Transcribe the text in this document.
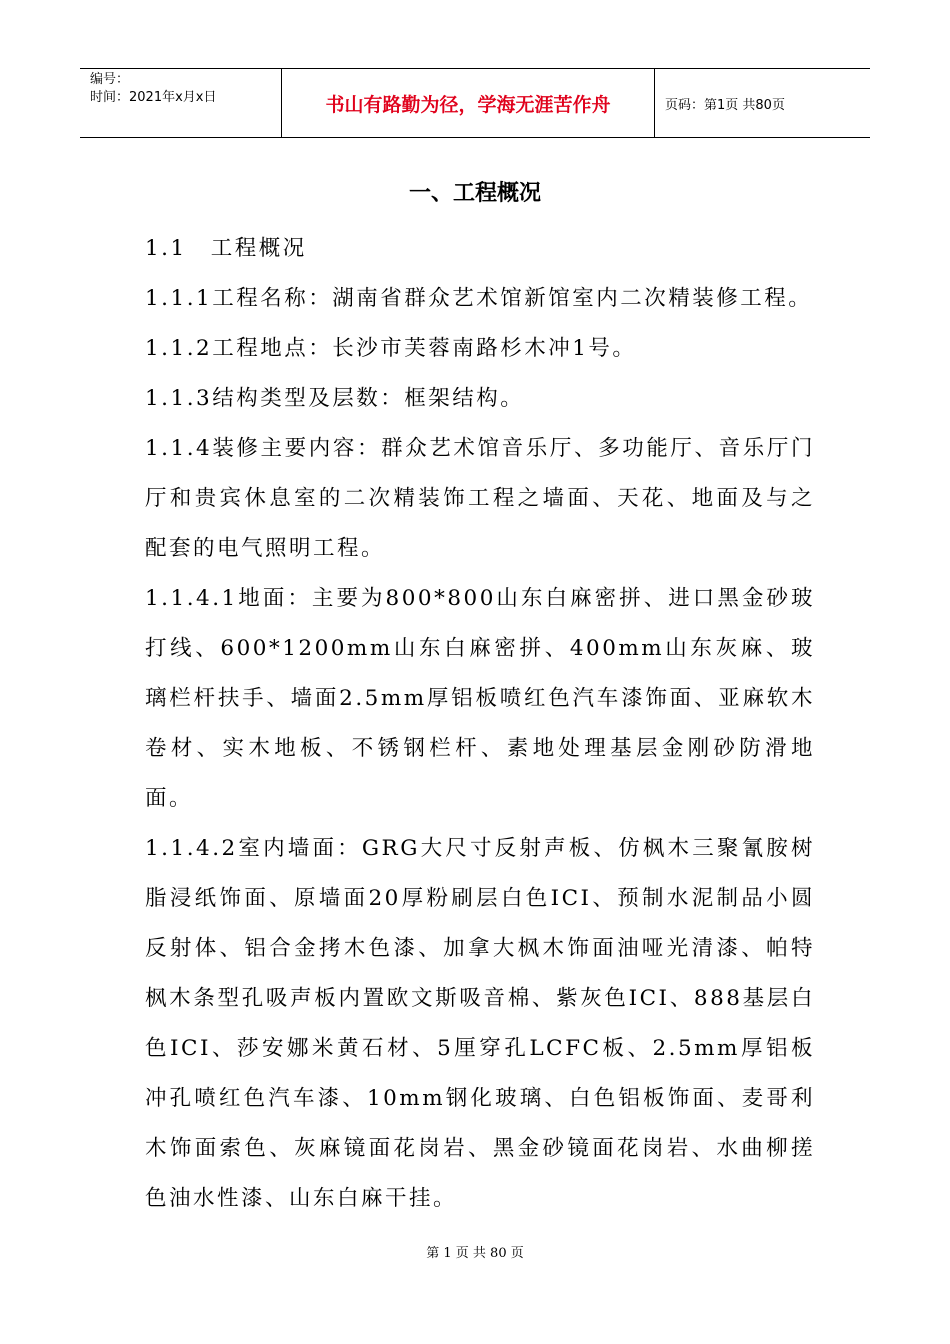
编号：
时间：2021年x月x日	书山有路勤为径，学海无涯苦作舟	页码：第1页 共80页
一、工程概况

1.1　工程概况

1.1.1工程名称：湖南省群众艺术馆新馆室内二次精装修工程。

1.1.2工程地点：长沙市芙蓉南路杉木冲1号。

1.1.3结构类型及层数：框架结构。

1.1.4装修主要内容：群众艺术馆音乐厅、多功能厅、音乐厅门厅和贵宾休息室的二次精装饰工程之墙面、天花、地面及与之配套的电气照明工程。

1.1.4.1地面：主要为800*800山东白麻密拼、进口黑金砂玻打线、600*1200mm山东白麻密拼、400mm山东灰麻、玻璃栏杆扶手、墙面2.5mm厚铝板喷红色汽车漆饰面、亚麻软木卷材、实木地板、不锈钢栏杆、素地处理基层金刚砂防滑地面。

1.1.4.2室内墙面：GRG大尺寸反射声板、仿枫木三聚氰胺树脂浸纸饰面、原墙面20厚粉刷层白色ICI、预制水泥制品小圆反射体、铝合金拷木色漆、加拿大枫木饰面油哑光清漆、帕特枫木条型孔吸声板内置欧文斯吸音棉、紫灰色ICI、888基层白色ICI、莎安娜米黄石材、5厘穿孔LCFC板、2.5mm厚铝板冲孔喷红色汽车漆、10mm钢化玻璃、白色铝板饰面、麦哥利木饰面索色、灰麻镜面花岗岩、黑金砂镜面花岗岩、水曲柳搓色油水性漆、山东白麻干挂。

第 1 页 共 80 页
